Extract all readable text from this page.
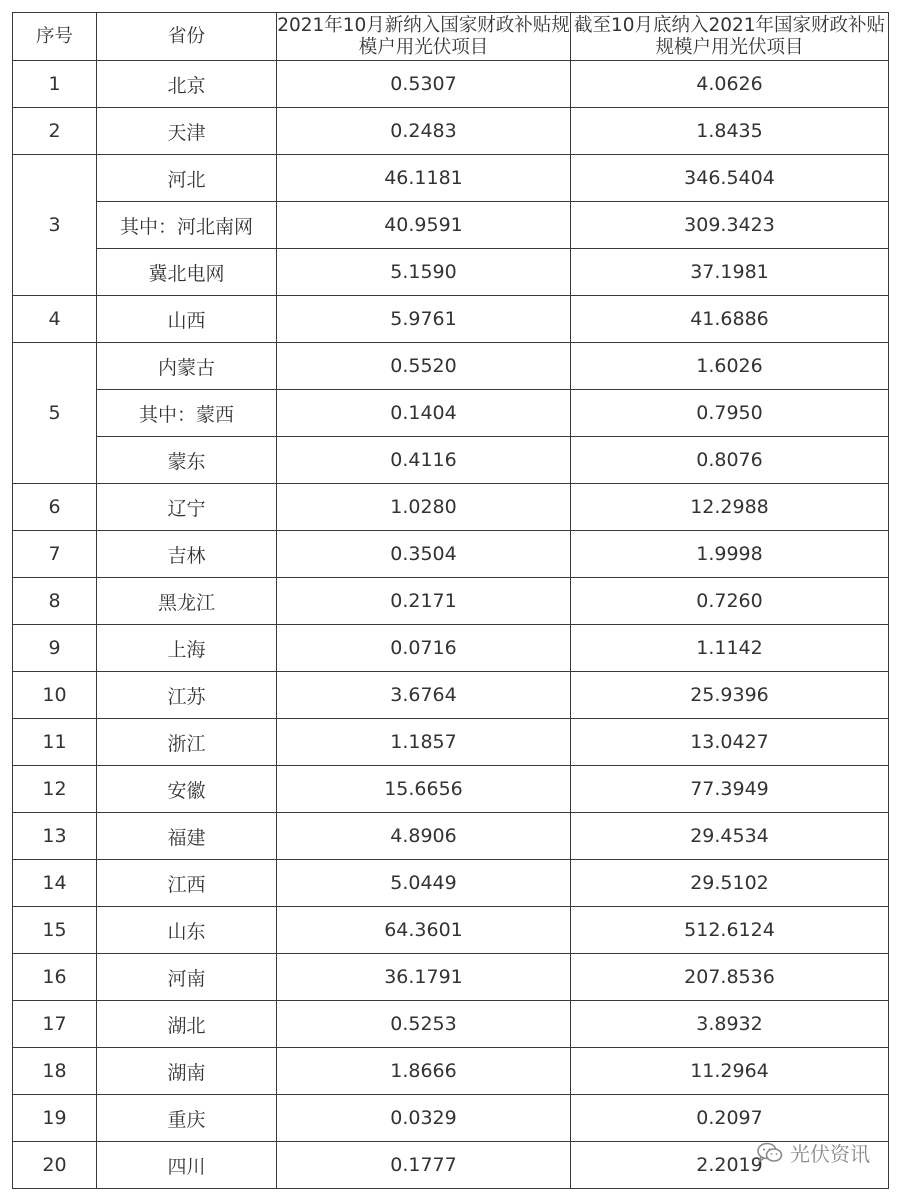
序号	省份	2021年10月新纳入国家财政补贴规模户用光伏项目	截至10月底纳入2021年国家财政补贴规模户用光伏项目
1	北京	0.5307	4.0626
2	天津	0.2483	1.8435
3	河北	46.1181	346.5404
	其中：河北南网	40.9591	309.3423
	冀北电网	5.1590	37.1981
4	山西	5.9761	41.6886
5	内蒙古	0.5520	1.6026
	其中：蒙西	0.1404	0.7950
	蒙东	0.4116	0.8076
6	辽宁	1.0280	12.2988
7	吉林	0.3504	1.9998
8	黑龙江	0.2171	0.7260
9	上海	0.0716	1.1142
10	江苏	3.6764	25.9396
11	浙江	1.1857	13.0427
12	安徽	15.6656	77.3949
13	福建	4.8906	29.4534
14	江西	5.0449	29.5102
15	山东	64.3601	512.6124
16	河南	36.1791	207.8536
17	湖北	0.5253	3.8932
18	湖南	1.8666	11.2964
19	重庆	0.0329	0.2097
20	四川	0.1777	2.2019 光伏资讯
